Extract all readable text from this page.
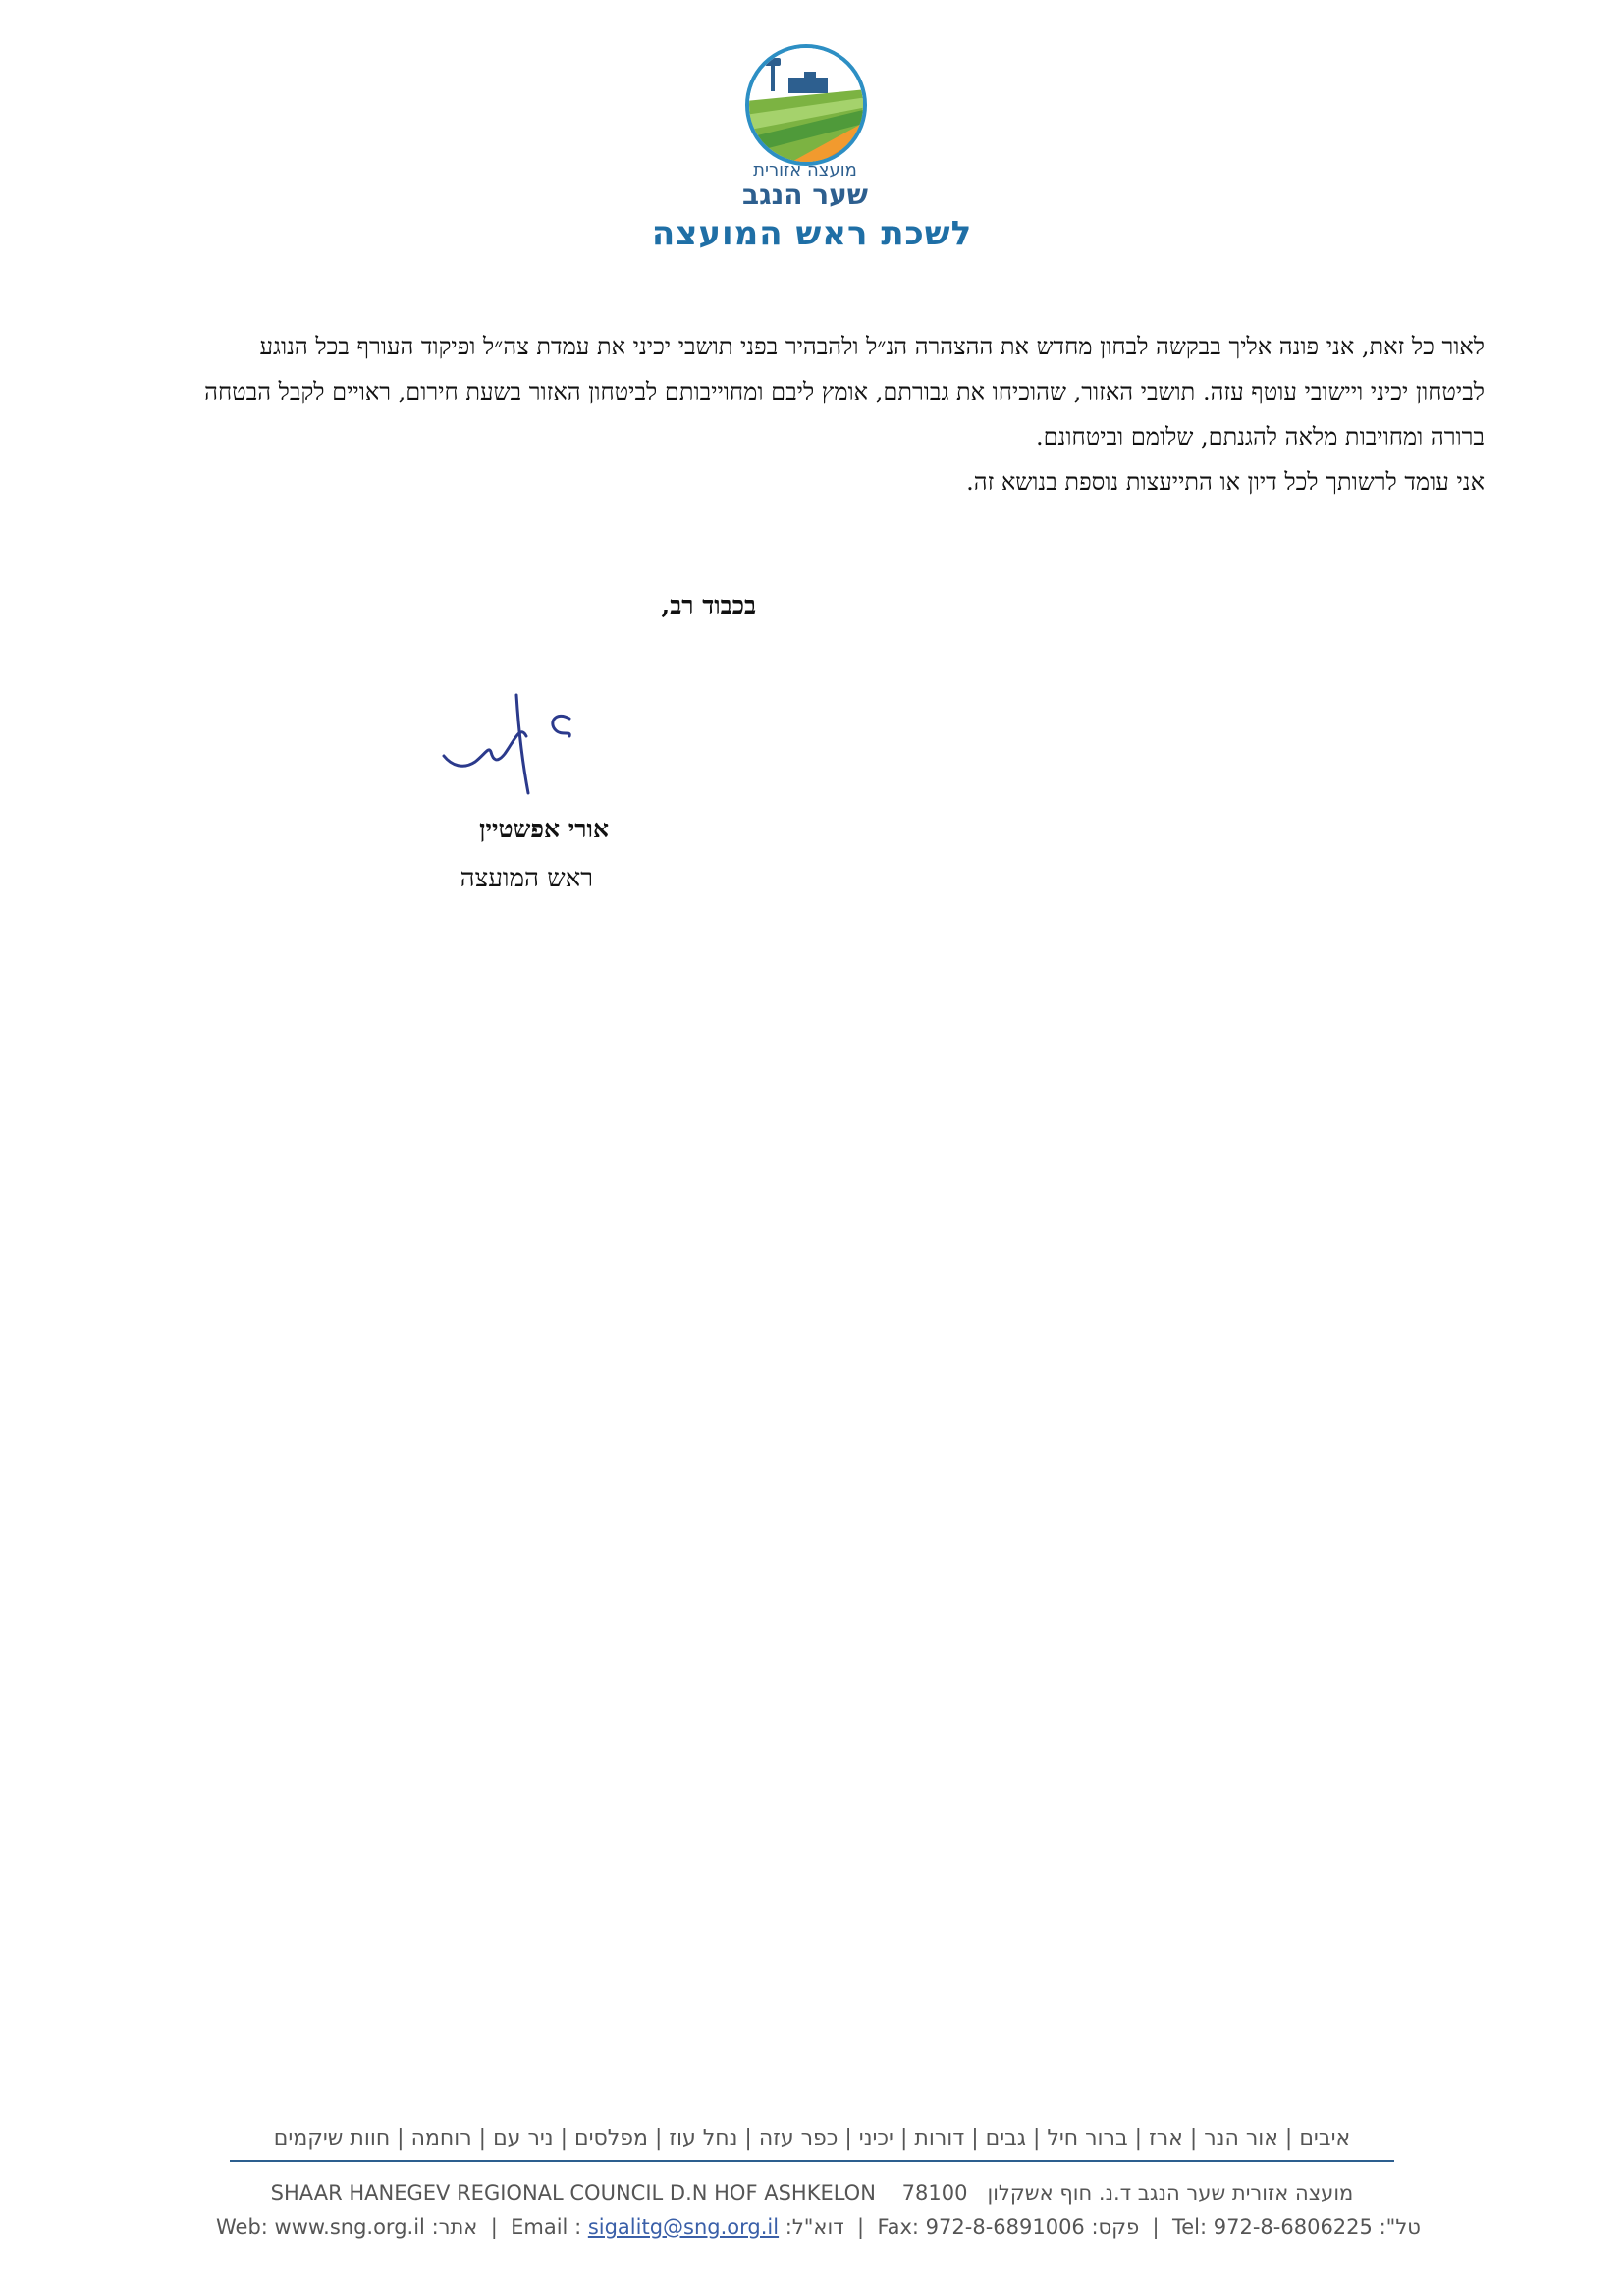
מועצה אזורית
שער הנגב
לשכת ראש המועצה

לאור כל זאת, אני פונה אליך בבקשה לבחון מחדש את ההצהרה הנ״ל ולהבהיר בפני תושבי יכיני את עמדת צה״ל ופיקוד העורף בכל הנוגע לביטחון יכיני ויישובי עוטף עזה. תושבי האזור, שהוכיחו את גבורתם, אומץ ליבם ומחוייבותם לביטחון האזור בשעת חירום, ראויים לקבל הבטחה ברורה ומחויבות מלאה להגנתם, שלומם וביטחונם.

אני עומד לרשותך לכל דיון או התייעצות נוספת בנושא זה.

בכבוד רב,
אורי אפשטיין
ראש המועצה
איבים | אור הנר | ארז | ברור חיל | גבים | דורות | יכיני | כפר עזה | נחל עוז | מפלסים | ניר עם | רוחמה | חוות שיקמים
SHAAR HANEGEV REGIONAL COUNCIL D.N HOF ASHKELON 78100 מועצה אזורית שער הנגב ד.נ. חוף אשקלון
Web: www.sng.org.il אתר:  |  Email : sigalitg@sng.org.il דוא"ל:  |  Fax: 972-8-6891006 פקס:  |  Tel: 972-8-6806225 טל":
